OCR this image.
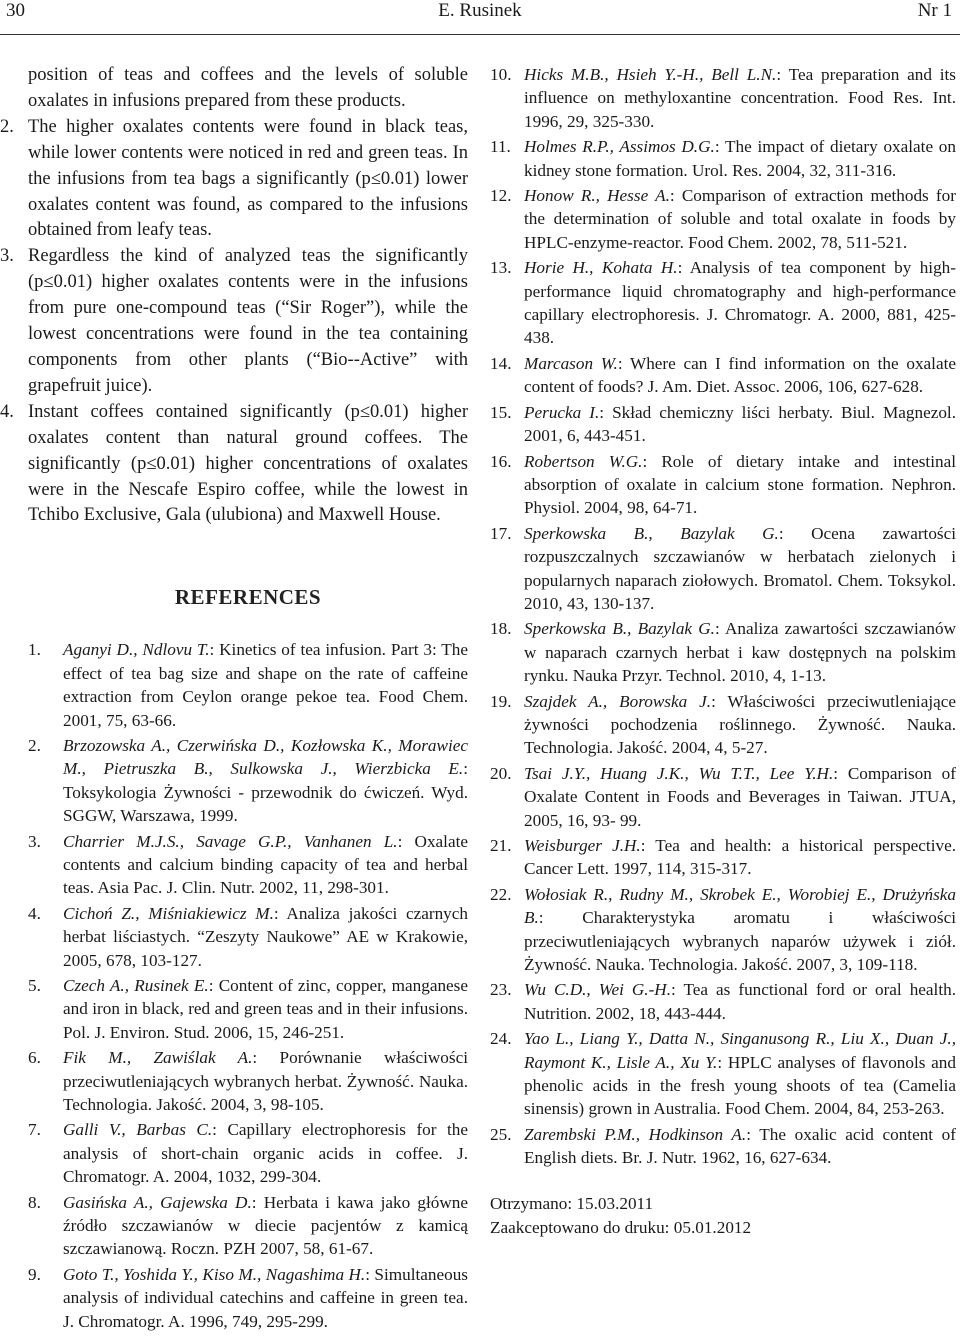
30	E. Rusinek	Nr 1
position of teas and coffees and the levels of soluble oxalates in infusions prepared from these products.
2. The higher oxalates contents were found in black teas, while lower contents were noticed in red and green teas. In the infusions from tea bags a significantly (p≤0.01) lower oxalates content was found, as compared to the infusions obtained from leafy teas.
3. Regardless the kind of analyzed teas the significantly (p≤0.01) higher oxalates contents were in the infusions from pure one-compound teas (“Sir Roger”), while the lowest concentrations were found in the tea containing components from other plants (“Bio--Active” with grapefruit juice).
4. Instant coffees contained significantly (p≤0.01) higher oxalates content than natural ground coffees. The significantly (p≤0.01) higher concentrations of oxalates were in the Nescafe Espiro coffee, while the lowest in Tchibo Exclusive, Gala (ulubiona) and Maxwell House.
REFERENCES
1. Aganyi D., Ndlovu T.: Kinetics of tea infusion. Part 3: The effect of tea bag size and shape on the rate of caffeine extraction from Ceylon orange pekoe tea. Food Chem. 2001, 75, 63-66.
2. Brzozowska A., Czerwińska D., Kozłowska K., Morawiec M., Pietruszka B., Sulkowska J., Wierzbicka E.: Toksykologia Żywności - przewodnik do ćwiczeń. Wyd. SGGW, Warszawa, 1999.
3. Charrier M.J.S., Savage G.P., Vanhanen L.: Oxalate contents and calcium binding capacity of tea and herbal teas. Asia Pac. J. Clin. Nutr. 2002, 11, 298-301.
4. Cichoń Z., Miśniakiewicz M.: Analiza jakości czarnych herbat liściastych. “Zeszyty Naukowe” AE w Krakowie, 2005, 678, 103-127.
5. Czech A., Rusinek E.: Content of zinc, copper, manganese and iron in black, red and green teas and in their infusions. Pol. J. Environ. Stud. 2006, 15, 246-251.
6. Fik M., Zawiślak A.: Porównanie właściwości przeciwutleniających wybranych herbat. Żywność. Nauka. Technologia. Jakość. 2004, 3, 98-105.
7. Galli V., Barbas C.: Capillary electrophoresis for the analysis of short-chain organic acids in coffee. J. Chromatogr. A. 2004, 1032, 299-304.
8. Gasińska A., Gajewska D.: Herbata i kawa jako główne źródło szczawianów w diecie pacjentów z kamicą szczawianową. Roczn. PZH 2007, 58, 61-67.
9. Goto T., Yoshida Y., Kiso M., Nagashima H.: Simultaneous analysis of individual catechins and caffeine in green tea. J. Chromatogr. A. 1996, 749, 295-299.
10. Hicks M.B., Hsieh Y.-H., Bell L.N.: Tea preparation and its influence on methyloxantine concentration. Food Res. Int. 1996, 29, 325-330.
11. Holmes R.P., Assimos D.G.: The impact of dietary oxalate on kidney stone formation. Urol. Res. 2004, 32, 311-316.
12. Honow R., Hesse A.: Comparison of extraction methods for the determination of soluble and total oxalate in foods by HPLC-enzyme-reactor. Food Chem. 2002, 78, 511-521.
13. Horie H., Kohata H.: Analysis of tea component by high-performance liquid chromatography and high-performance capillary electrophoresis. J. Chromatogr. A. 2000, 881, 425-438.
14. Marcason W.: Where can I find information on the oxalate content of foods? J. Am. Diet. Assoc. 2006, 106, 627-628.
15. Perucka I.: Skład chemiczny liści herbaty. Biul. Magnezol. 2001, 6, 443-451.
16. Robertson W.G.: Role of dietary intake and intestinal absorption of oxalate in calcium stone formation. Nephron. Physiol. 2004, 98, 64-71.
17. Sperkowska B., Bazylak G.: Ocena zawartości rozpuszczalnych szczawianów w herbatach zielonych i popularnych naparach ziołowych. Bromatol. Chem. Toksykol. 2010, 43, 130-137.
18. Sperkowska B., Bazylak G.: Analiza zawartości szczawianów w naparach czarnych herbat i kaw dostępnych na polskim rynku. Nauka Przyr. Technol. 2010, 4, 1-13.
19. Szajdek A., Borowska J.: Właściwości przeciwutleniające żywności pochodzenia roślinnego. Żywność. Nauka. Technologia. Jakość. 2004, 4, 5-27.
20. Tsai J.Y., Huang J.K., Wu T.T., Lee Y.H.: Comparison of Oxalate Content in Foods and Beverages in Taiwan. JTUA, 2005, 16, 93- 99.
21. Weisburger J.H.: Tea and health: a historical perspective. Cancer Lett. 1997, 114, 315-317.
22. Wołosiak R., Rudny M., Skrobek E., Worobiej E., Drużyńska B.: Charakterystyka aromatu i właściwości przeciwutleniających wybranych naparów używek i ziół. Żywność. Nauka. Technologia. Jakość. 2007, 3, 109-118.
23. Wu C.D., Wei G.-H.: Tea as functional ford or oral health. Nutrition. 2002, 18, 443-444.
24. Yao L., Liang Y., Datta N., Singanusong R., Liu X., Duan J., Raymont K., Lisle A., Xu Y.: HPLC analyses of flavonols and phenolic acids in the fresh young shoots of tea (Camelia sinensis) grown in Australia. Food Chem. 2004, 84, 253-263.
25. Zarembski P.M., Hodkinson A.: The oxalic acid content of English diets. Br. J. Nutr. 1962, 16, 627-634.
Otrzymano: 15.03.2011
Zaakceptowano do druku: 05.01.2012
